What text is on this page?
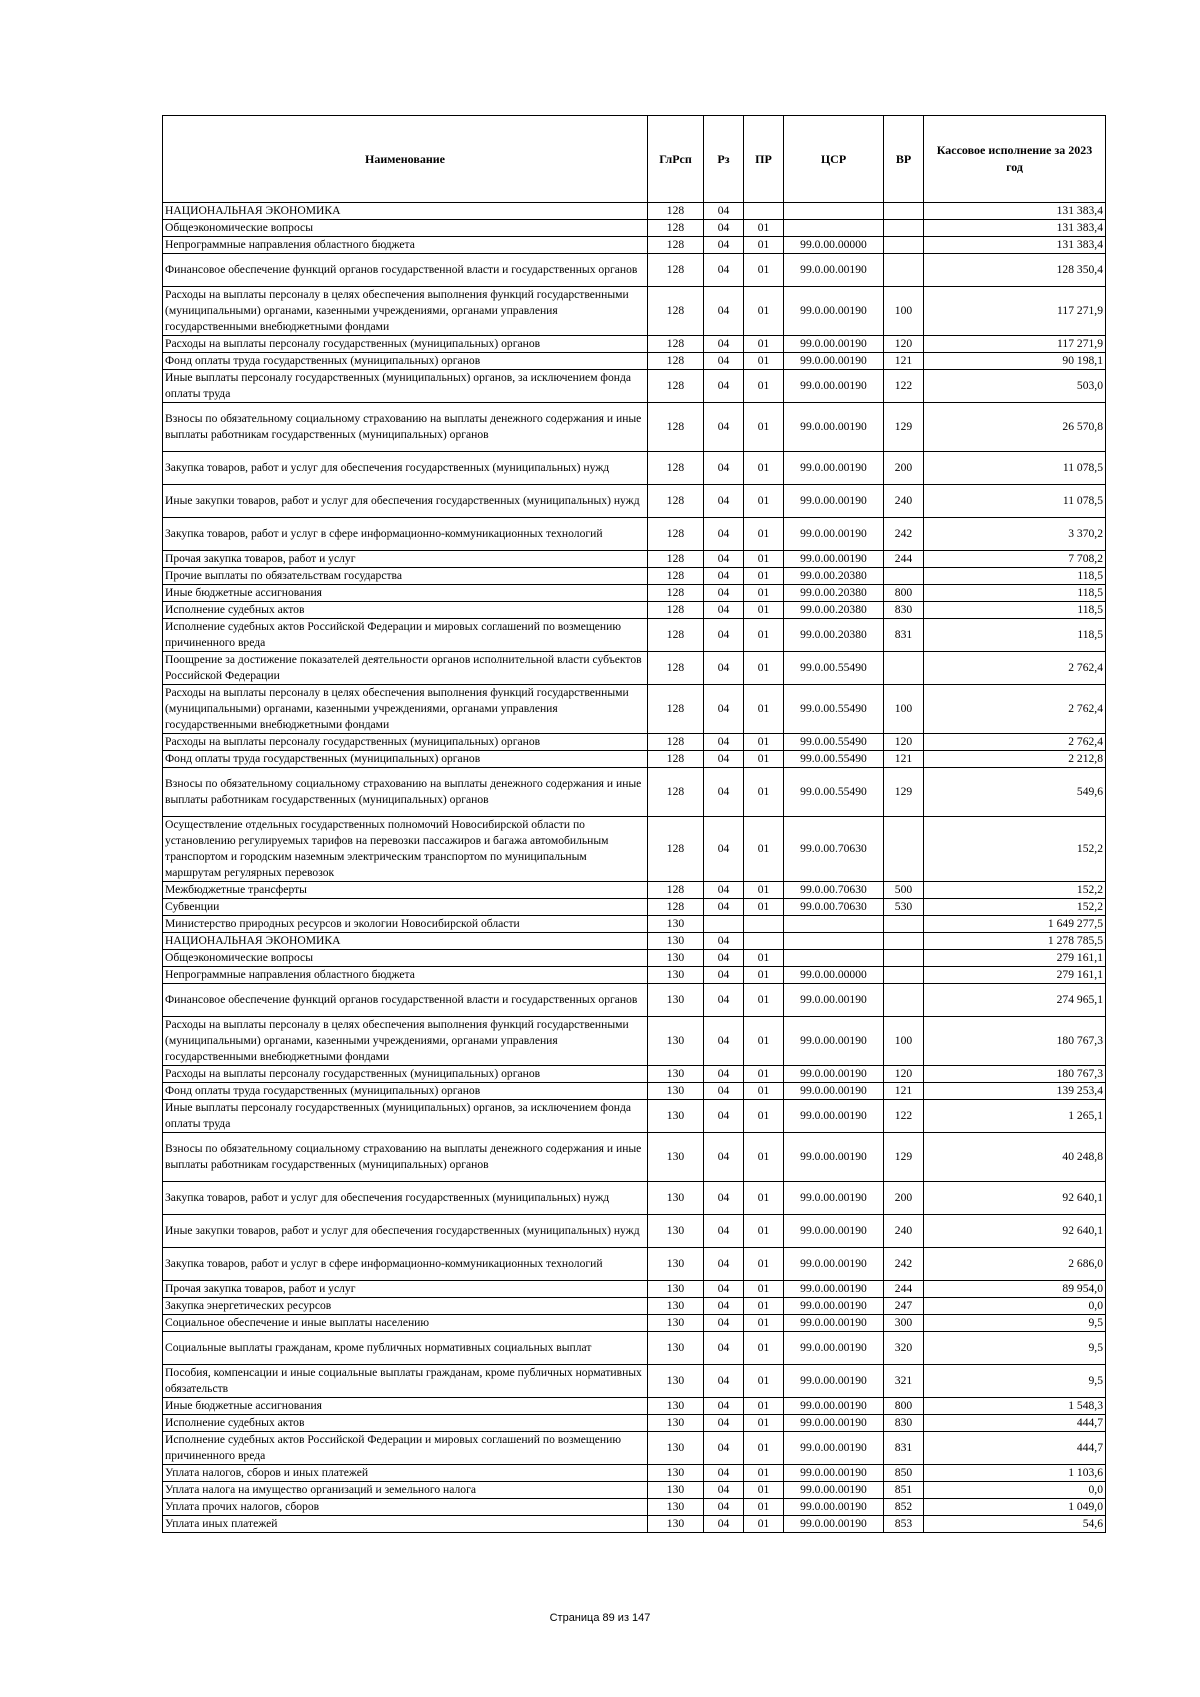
Наименование	ГлРсп	Рз	ПР	ЦСР	ВР	Кассовое исполнение за 2023 год
НАЦИОНАЛЬНАЯ ЭКОНОМИКА	128	04				131 383,4
Общеэкономические вопросы	128	04	01			131 383,4
Непрограммные направления областного бюджета	128	04	01	99.0.00.00000		131 383,4
Финансовое обеспечение функций органов государственной власти и государственных органов	128	04	01	99.0.00.00190		128 350,4
Расходы на выплаты персоналу в целях обеспечения выполнения функций государственными (муниципальными) органами, казенными учреждениями, органами управления государственными внебюджетными фондами	128	04	01	99.0.00.00190	100	117 271,9
Расходы на выплаты персоналу государственных (муниципальных) органов	128	04	01	99.0.00.00190	120	117 271,9
Фонд оплаты труда государственных (муниципальных) органов	128	04	01	99.0.00.00190	121	90 198,1
Иные выплаты персоналу государственных (муниципальных) органов, за исключением фонда оплаты труда	128	04	01	99.0.00.00190	122	503,0
Взносы по обязательному социальному страхованию на выплаты денежного содержания и иные выплаты работникам государственных (муниципальных) органов	128	04	01	99.0.00.00190	129	26 570,8
Закупка товаров, работ и услуг для обеспечения государственных (муниципальных) нужд	128	04	01	99.0.00.00190	200	11 078,5
Иные закупки товаров, работ и услуг для обеспечения государственных (муниципальных) нужд	128	04	01	99.0.00.00190	240	11 078,5
Закупка товаров, работ и услуг в сфере информационно-коммуникационных технологий	128	04	01	99.0.00.00190	242	3 370,2
Прочая закупка товаров, работ и услуг	128	04	01	99.0.00.00190	244	7 708,2
Прочие выплаты по обязательствам государства	128	04	01	99.0.00.20380		118,5
Иные бюджетные ассигнования	128	04	01	99.0.00.20380	800	118,5
Исполнение судебных актов	128	04	01	99.0.00.20380	830	118,5
Исполнение судебных актов Российской Федерации и мировых соглашений по возмещению причиненного вреда	128	04	01	99.0.00.20380	831	118,5
Поощрение за достижение показателей деятельности органов исполнительной власти субъектов Российской Федерации	128	04	01	99.0.00.55490		2 762,4
Расходы на выплаты персоналу в целях обеспечения выполнения функций государственными (муниципальными) органами, казенными учреждениями, органами управления государственными внебюджетными фондами	128	04	01	99.0.00.55490	100	2 762,4
Расходы на выплаты персоналу государственных (муниципальных) органов	128	04	01	99.0.00.55490	120	2 762,4
Фонд оплаты труда государственных (муниципальных) органов	128	04	01	99.0.00.55490	121	2 212,8
Взносы по обязательному социальному страхованию на выплаты денежного содержания и иные выплаты работникам государственных (муниципальных) органов	128	04	01	99.0.00.55490	129	549,6
Осуществление отдельных государственных полномочий Новосибирской области по установлению регулируемых тарифов на перевозки пассажиров и багажа автомобильным транспортом и городским наземным электрическим транспортом по муниципальным маршрутам регулярных перевозок	128	04	01	99.0.00.70630		152,2
Межбюджетные трансферты	128	04	01	99.0.00.70630	500	152,2
Субвенции	128	04	01	99.0.00.70630	530	152,2
Министерство природных ресурсов и экологии Новосибирской области	130					1 649 277,5
НАЦИОНАЛЬНАЯ ЭКОНОМИКА	130	04				1 278 785,5
Общеэкономические вопросы	130	04	01			279 161,1
Непрограммные направления областного бюджета	130	04	01	99.0.00.00000		279 161,1
Финансовое обеспечение функций органов государственной власти и государственных органов	130	04	01	99.0.00.00190		274 965,1
Расходы на выплаты персоналу в целях обеспечения выполнения функций государственными (муниципальными) органами, казенными учреждениями, органами управления государственными внебюджетными фондами	130	04	01	99.0.00.00190	100	180 767,3
Расходы на выплаты персоналу государственных (муниципальных) органов	130	04	01	99.0.00.00190	120	180 767,3
Фонд оплаты труда государственных (муниципальных) органов	130	04	01	99.0.00.00190	121	139 253,4
Иные выплаты персоналу государственных (муниципальных) органов, за исключением фонда оплаты труда	130	04	01	99.0.00.00190	122	1 265,1
Взносы по обязательному социальному страхованию на выплаты денежного содержания и иные выплаты работникам государственных (муниципальных) органов	130	04	01	99.0.00.00190	129	40 248,8
Закупка товаров, работ и услуг для обеспечения государственных (муниципальных) нужд	130	04	01	99.0.00.00190	200	92 640,1
Иные закупки товаров, работ и услуг для обеспечения государственных (муниципальных) нужд	130	04	01	99.0.00.00190	240	92 640,1
Закупка товаров, работ и услуг в сфере информационно-коммуникационных технологий	130	04	01	99.0.00.00190	242	2 686,0
Прочая закупка товаров, работ и услуг	130	04	01	99.0.00.00190	244	89 954,0
Закупка энергетических ресурсов	130	04	01	99.0.00.00190	247	0,0
Социальное обеспечение и иные выплаты населению	130	04	01	99.0.00.00190	300	9,5
Социальные выплаты гражданам, кроме публичных нормативных социальных выплат	130	04	01	99.0.00.00190	320	9,5
Пособия, компенсации и иные социальные выплаты гражданам, кроме публичных нормативных обязательств	130	04	01	99.0.00.00190	321	9,5
Иные бюджетные ассигнования	130	04	01	99.0.00.00190	800	1 548,3
Исполнение судебных актов	130	04	01	99.0.00.00190	830	444,7
Исполнение судебных актов Российской Федерации и мировых соглашений по возмещению причиненного вреда	130	04	01	99.0.00.00190	831	444,7
Уплата налогов, сборов и иных платежей	130	04	01	99.0.00.00190	850	1 103,6
Уплата налога на имущество организаций и земельного налога	130	04	01	99.0.00.00190	851	0,0
Уплата прочих налогов, сборов	130	04	01	99.0.00.00190	852	1 049,0
Уплата иных платежей	130	04	01	99.0.00.00190	853	54,6
Страница 89 из 147
